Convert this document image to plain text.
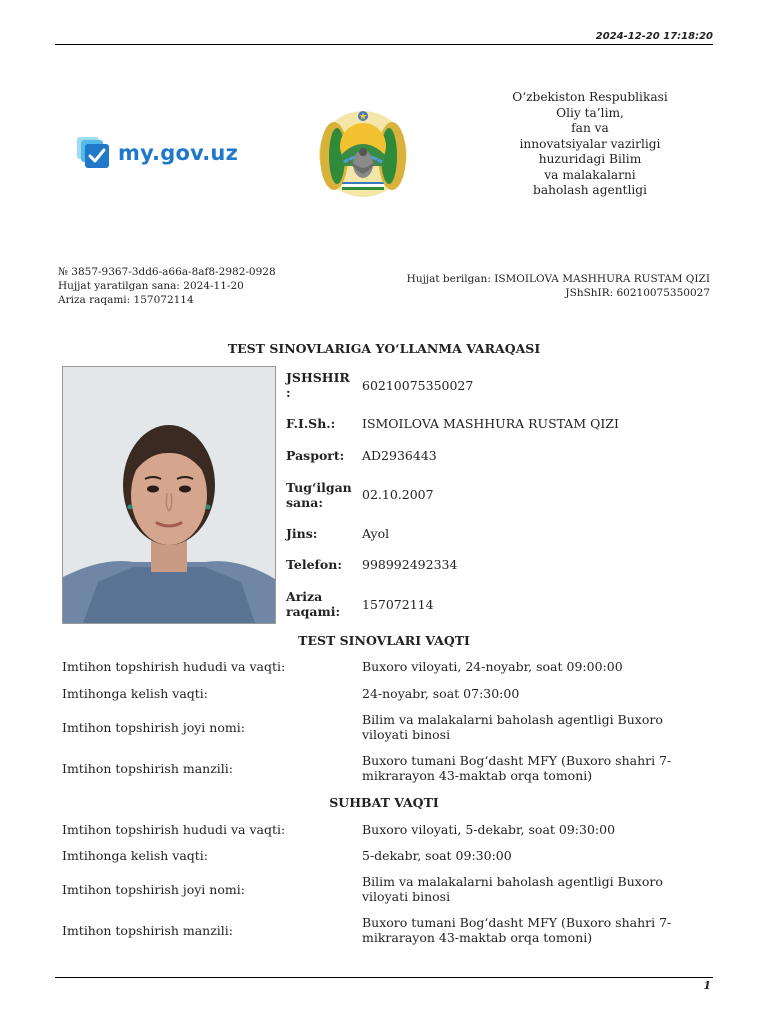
2024-12-20 17:18:20
my.gov.uz
O‘zbekiston Respublikasi
Oliy ta’lim,
fan va
innovatsiyalar vazirligi
huzuridagi Bilim
va malakalarni
baholash agentligi
№ 3857-9367-3dd6-a66a-8af8-2982-0928
Hujjat yaratilgan sana: 2024-11-20
Ariza raqami: 157072114
Hujjat berilgan: ISMOILOVA MASHHURA RUSTAM QIZI
JShShIR: 60210075350027
TEST SINOVLARIGA YO‘LLANMA VARAQASI
JSHSHIR :	60210075350027
F.I.Sh.:	ISMOILOVA MASHHURA RUSTAM QIZI
Pasport:	AD2936443
Tug‘ilgan sana:
02.10.2007
Jins:	Ayol
Telefon:	998992492334
Ariza raqami:	157072114
TEST SINOVLARI VAQTI
Imtihon topshirish hududi va vaqti:	Buxoro viloyati, 24-noyabr, soat 09:00:00
Imtihonga kelish vaqti:	24-noyabr, soat 07:30:00
Imtihon topshirish joyi nomi:
Bilim va malakalarni baholash agentligi Buxoro viloyati binosi
Imtihon topshirish manzili:
Buxoro tumani Bog‘dasht MFY (Buxoro shahri 7-mikrarayon 43-maktab orqa tomoni)
SUHBAT VAQTI
Imtihon topshirish hududi va vaqti:	Buxoro viloyati, 5-dekabr, soat 09:30:00
Imtihonga kelish vaqti:	5-dekabr, soat 09:30:00
Imtihon topshirish joyi nomi:
Bilim va malakalarni baholash agentligi Buxoro viloyati binosi
Imtihon topshirish manzili:
Buxoro tumani Bog‘dasht MFY (Buxoro shahri 7-mikrarayon 43-maktab orqa tomoni)
1
